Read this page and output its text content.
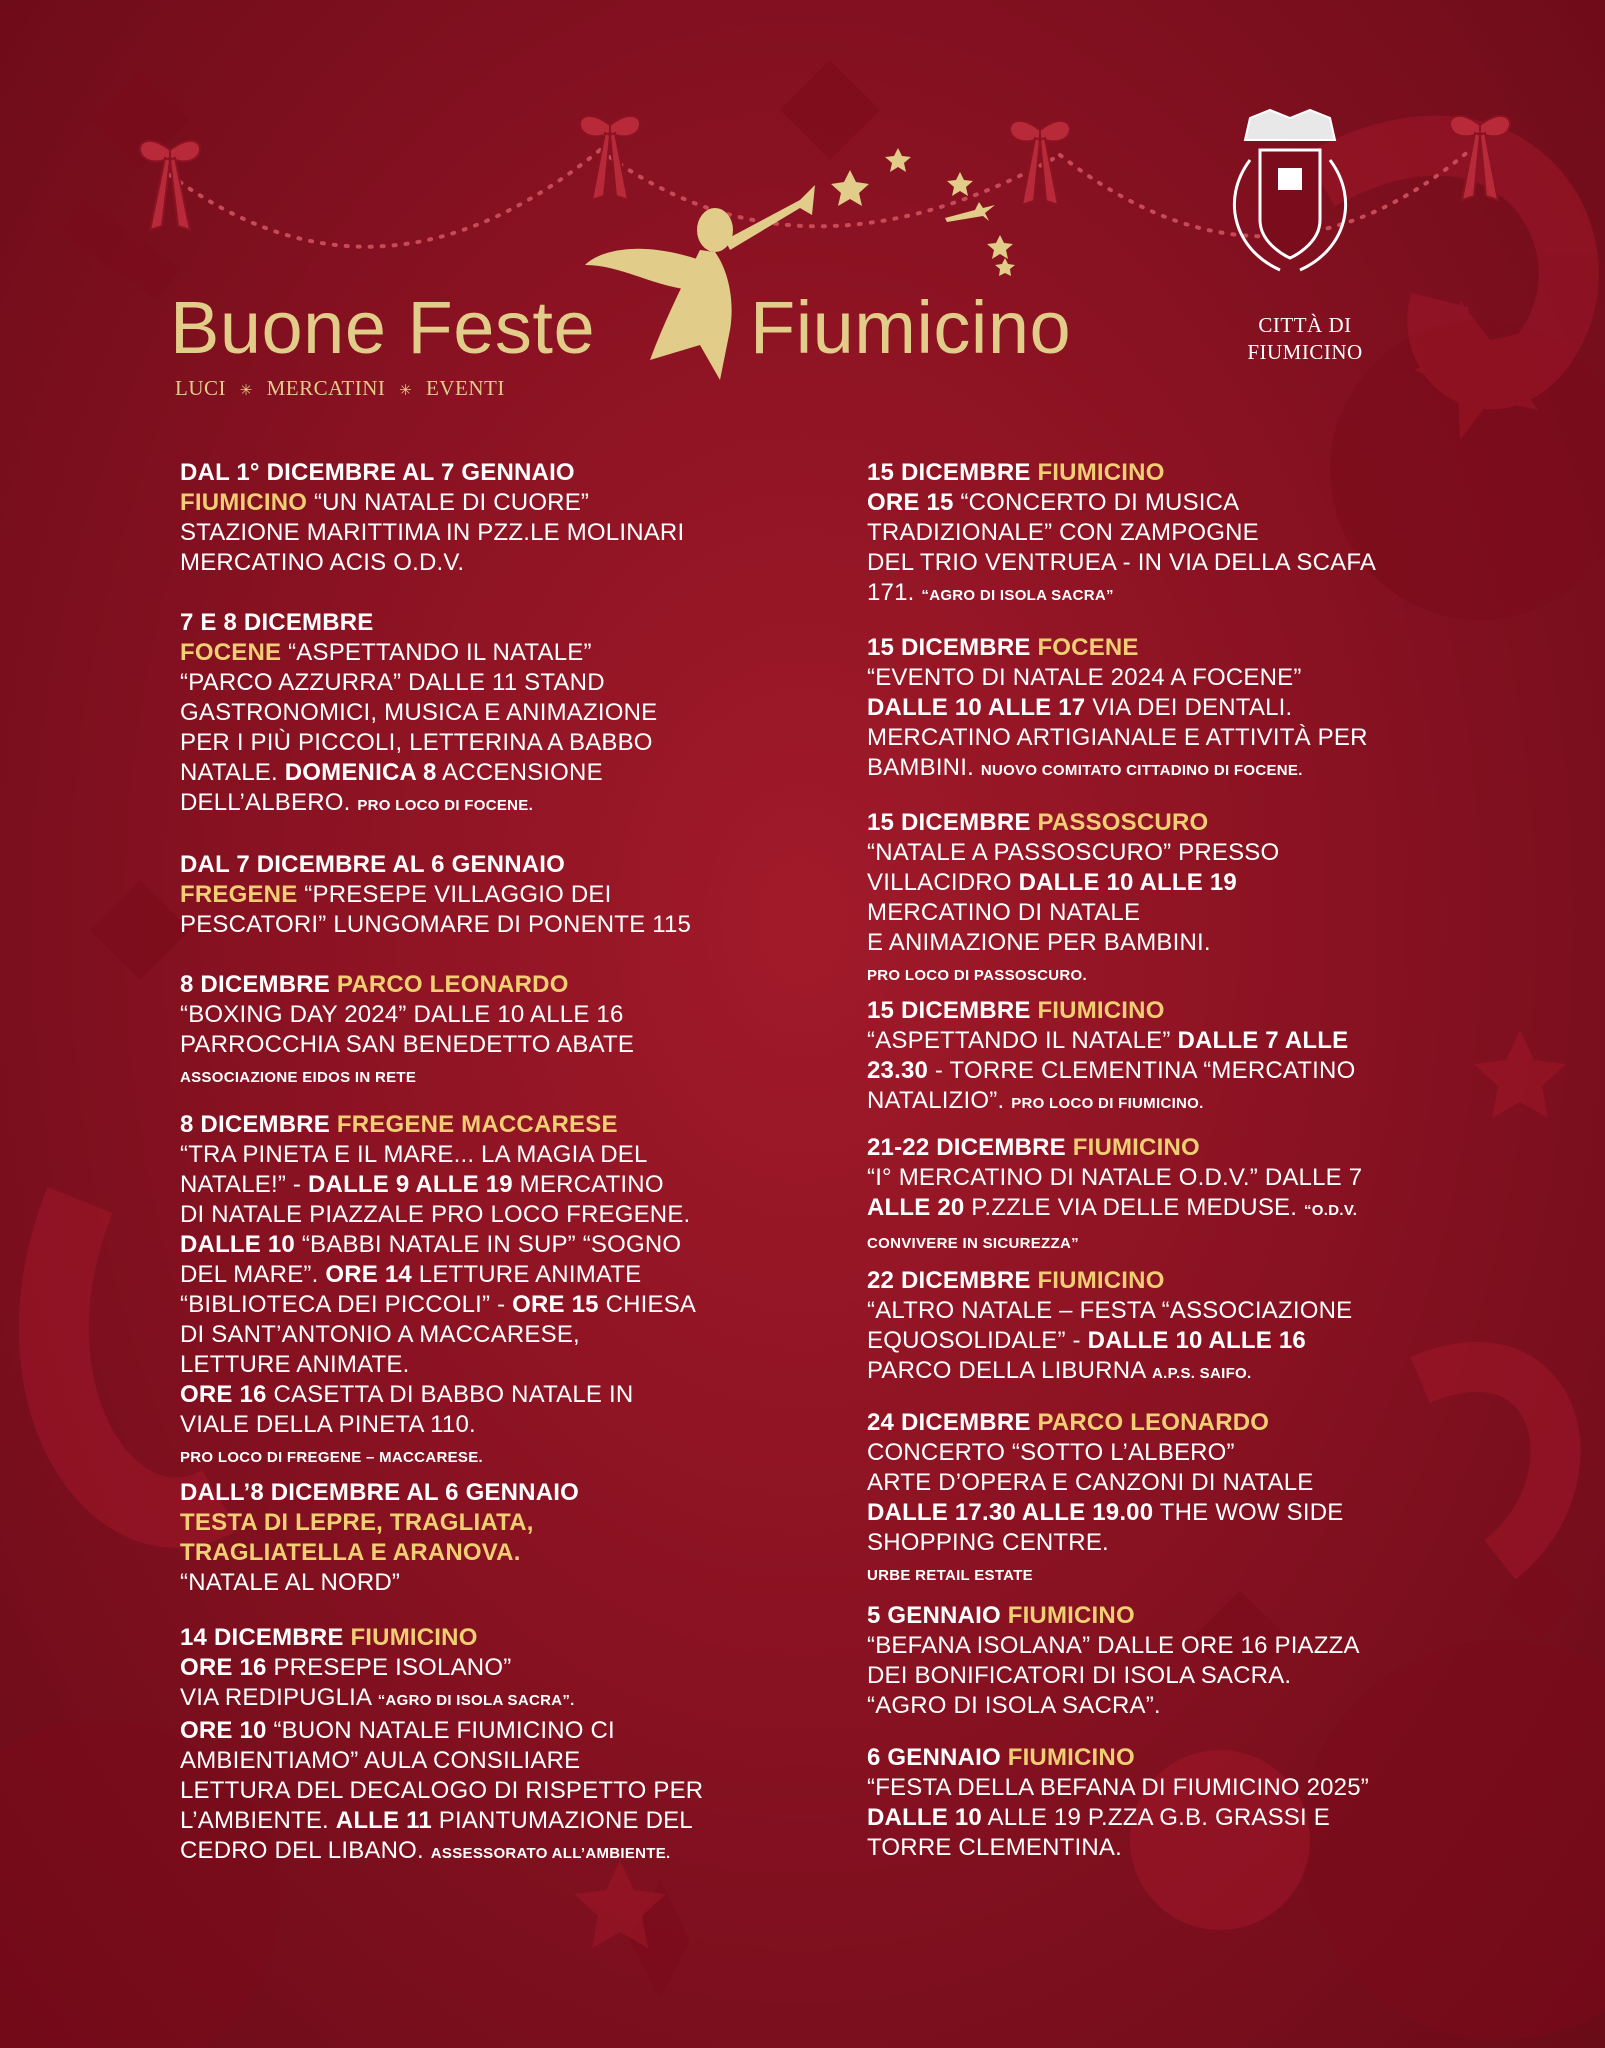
Buone Feste Fiumicino
LUCI ✳ MERCATINI ✳ EVENTI
CITTÀ DI
FIUMICINO
DAL 1° DICEMBRE AL 7 GENNAIO
FIUMICINO “UN NATALE DI CUORE”
STAZIONE MARITTIMA IN PZZ.LE MOLINARI
MERCATINO ACIS O.D.V.
7 E 8 DICEMBRE
FOCENE “ASPETTANDO IL NATALE”
“PARCO AZZURRA” DALLE 11 STAND
GASTRONOMICI, MUSICA E ANIMAZIONE
PER I PIÙ PICCOLI, LETTERINA A BABBO
NATALE. DOMENICA 8 ACCENSIONE
DELL’ALBERO. PRO LOCO DI FOCENE.
DAL 7 DICEMBRE AL 6 GENNAIO
FREGENE “PRESEPE VILLAGGIO DEI
PESCATORI” LUNGOMARE DI PONENTE 115
8 DICEMBRE PARCO LEONARDO
“BOXING DAY 2024” DALLE 10 ALLE 16
PARROCCHIA SAN BENEDETTO ABATE
ASSOCIAZIONE EIDOS IN RETE
8 DICEMBRE FREGENE MACCARESE
“TRA PINETA E IL MARE... LA MAGIA DEL
NATALE!” - DALLE 9 ALLE 19 MERCATINO
DI NATALE PIAZZALE PRO LOCO FREGENE.
DALLE 10 “BABBI NATALE IN SUP” “SOGNO
DEL MARE”. ORE 14 LETTURE ANIMATE
“BIBLIOTECA DEI PICCOLI” - ORE 15 CHIESA
DI SANT’ANTONIO A MACCARESE,
LETTURE ANIMATE.
ORE 16 CASETTA DI BABBO NATALE IN
VIALE DELLA PINETA 110.
PRO LOCO DI FREGENE – MACCARESE.
DALL’8 DICEMBRE AL 6 GENNAIO
TESTA DI LEPRE, TRAGLIATA,
TRAGLIATELLA E ARANOVA.
“NATALE AL NORD”
14 DICEMBRE FIUMICINO
ORE 16 PRESEPE ISOLANO”
VIA REDIPUGLIA “AGRO DI ISOLA SACRA”.
ORE 10 “BUON NATALE FIUMICINO CI
AMBIENTIAMO” AULA CONSILIARE
LETTURA DEL DECALOGO DI RISPETTO PER
L’AMBIENTE. ALLE 11 PIANTUMAZIONE DEL
CEDRO DEL LIBANO. ASSESSORATO ALL’AMBIENTE.
15 DICEMBRE FIUMICINO
ORE 15 “CONCERTO DI MUSICA
TRADIZIONALE” CON ZAMPOGNE
DEL TRIO VENTRUEA - IN VIA DELLA SCAFA
171. “AGRO DI ISOLA SACRA”
15 DICEMBRE FOCENE
“EVENTO DI NATALE 2024 A FOCENE”
DALLE 10 ALLE 17 VIA DEI DENTALI.
MERCATINO ARTIGIANALE E ATTIVITÀ PER
BAMBINI. NUOVO COMITATO CITTADINO DI FOCENE.
15 DICEMBRE PASSOSCURO
“NATALE A PASSOSCURO” PRESSO
VILLACIDRO DALLE 10 ALLE 19
MERCATINO DI NATALE
E ANIMAZIONE PER BAMBINI.
PRO LOCO DI PASSOSCURO.
15 DICEMBRE FIUMICINO
“ASPETTANDO IL NATALE” DALLE 7 ALLE
23.30 - TORRE CLEMENTINA “MERCATINO
NATALIZIO”. PRO LOCO DI FIUMICINO.
21-22 DICEMBRE FIUMICINO
“I° MERCATINO DI NATALE O.D.V.” DALLE 7
ALLE 20 P.ZZLE VIA DELLE MEDUSE. “O.D.V.
CONVIVERE IN SICUREZZA”
22 DICEMBRE FIUMICINO
“ALTRO NATALE – FESTA “ASSOCIAZIONE
EQUOSOLIDALE” - DALLE 10 ALLE 16
PARCO DELLA LIBURNA A.P.S. SAIFO.
24 DICEMBRE PARCO LEONARDO
CONCERTO “SOTTO L’ALBERO”
ARTE D’OPERA E CANZONI DI NATALE
DALLE 17.30 ALLE 19.00 THE WOW SIDE
SHOPPING CENTRE.
URBE RETAIL ESTATE
5 GENNAIO FIUMICINO
“BEFANA ISOLANA” DALLE ORE 16 PIAZZA
DEI BONIFICATORI DI ISOLA SACRA.
“AGRO DI ISOLA SACRA”.
6 GENNAIO FIUMICINO
“FESTA DELLA BEFANA DI FIUMICINO 2025”
DALLE 10 ALLE 19 P.ZZA G.B. GRASSI E
TORRE CLEMENTINA.
